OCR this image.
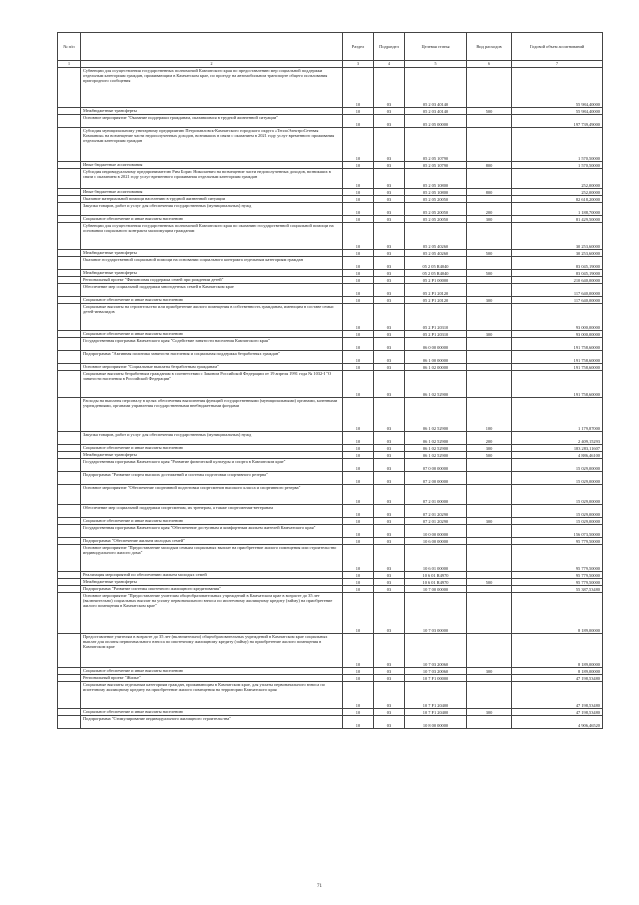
№ п/п		Раздел	Подраздел	Целевая статья	Вид расходов	Годовой объем ассигнований
1	2	3	4	5	6	7
	Субвенции для осуществления государственных полномочий Камчатского края по предоставлению мер социальной поддержки отдельным категориям граждан, проживающим в Камчатском крае, по проезду на автомобильном транспорте общего пользования пригородного сообщения	10	03	05 2 03 40140		55 984,40000
	Межбюджетные трансферты	10	03	05 2 03 40140	500	55 984,40000
	Основное мероприятие "Оказание поддержки гражданам, оказавшимся в трудной жизненной ситуации"	10	03	05 2 05 00000		197 739,49000
	Субсидия муниципальному унитарному предприятию Петропавловск-Камчатского городского округа «ТеплоЭлектроСетевая Компания» на возмещение части недополученных доходов, возникших в связи с оказанием в 2021 году услуг временного проживания отдельным категориям граждан	10	03	05 2 05 10790		1 570,50000
	Иные бюджетные ассигнования	10	03	05 2 05 10790	800	1 570,50000
	Субсидия индивидуальному предпринимателю Рим Борис Николаевич на возмещение части недополученных доходов, возникших в связи с оказанием в 2021 году услуг временного проживания отдельным категориям граждан	10	03	05 2 05 10800		252,00000
	Иные бюджетные ассигнования	10	03	05 2 05 10800	800	252,00000
	Оказание материальной помощи населению в трудной жизненной ситуации	10	03	05 2 05 20050		82 618,20000
	Закупка товаров, работ и услуг для обеспечения государственных (муниципальных) нужд	10	03	05 2 05 20050	200	1 188,70000
	Социальное обеспечение и иные выплаты населению	10	03	05 2 05 20050	300	81 429,50000
	Субвенции для осуществления государственных полномочий Камчатского края по оказанию государственной социальной помощи на основании социального контракта малоимущим гражданам	10	03	05 2 05 40260		30 253,60000
	Межбюджетные трансферты	10	03	05 2 05 40260	500	30 253,60000
	Оказание государственной социальной помощи на основании социального контракта отдельным категориям граждан	10	03	05 2 05 R4040		83 045,19000
	Межбюджетные трансферты	10	03	05 2 05 R4040	500	83 045,19000
	Региональный проект "Финансовая поддержка семей при рождении детей"	10	03	05 2 P1 00000		210 640,00000
	Обеспечение мер социальной поддержки многодетных семей в Камчатском крае	10	03	05 2 P1 20120		117 640,00000
	Социальное обеспечение и иные выплаты населению	10	03	05 2 P1 20120	300	117 640,00000
	Социальные выплаты на строительство или приобретение жилого помещения в собственность гражданам, имеющим в составе семьи детей-инвалидов	10	03	05 2 P1 20310		93 000,00000
	Социальное обеспечение и иные выплаты населению	10	03	05 2 P1 20310	300	93 000,00000
	Государственная программа Камчатского края "Содействие занятости населения Камчатского края"	10	03	06 0 00 00000		191 758,60000
	Подпрограмма "Активная политика занятости населения и социальная поддержка безработных граждан"	10	03	06 1 00 00000		191 758,60000
	Основное мероприятие "Социальные выплаты безработным гражданам"	10	03	06 1 02 00000		191 758,60000
	Социальные выплаты безработным гражданам в соответствии с Законом Российской Федерации от 19 апреля 1991 года № 1032-I "О занятости населения в Российской Федерации"	10	03	06 1 02 52900		191 758,60000
	Расходы на выплаты персоналу в целях обеспечения выполнения функций государственными (муниципальными) органами, казенными учреждениями, органами управления государственными внебюджетными фондами	10	03	06 1 02 52900	100	1 179,87000
	Закупка товаров, работ и услуг для обеспечения государственных (муниципальных) нужд	10	03	06 1 02 52900	200	2 409,15293
	Социальное обеспечение и иные выплаты населению	10	03	06 1 02 52900	300	183 283,11607
	Межбюджетные трансферты	10	03	06 1 02 52900	500	4 886,46100
	Государственная программа Камчатского края "Развитие физической культуры и спорта в Камчатском крае"	10	03	07 0 00 00000		15 029,00000
	Подпрограмма "Развитие спорта высших достижений и системы подготовки спортивного резерва"	10	03	07 2 00 00000		15 029,00000
	Основное мероприятие "Обеспечение спортивной подготовки спортсменов высокого класса и спортивного резерва"	10	03	07 2 01 00000		15 029,00000
	Обеспечение мер социальной поддержки спортсменам, их тренерам, а также спортсменам-ветеранам	10	03	07 2 01 20290		15 029,00000
	Социальное обеспечение и иные выплаты населению	10	03	07 2 01 20290	300	15 029,00000
	Государственная программа Камчатского края "Обеспечение доступным и комфортным жильем жителей Камчатского края"	10	03	10 0 00 00000		156 073,50000
	Подпрограмма "Обеспечение жильем молодых семей"	10	03	10 6 00 00000		95 779,50000
	Основное мероприятие "Предоставление молодым семьям социальных выплат на приобретение жилого помещения или строительство индивидуального жилого дома"	10	03	10 6 01 00000		95 779,50000
	Реализация мероприятий по обеспечению жильем молодых семей	10	03	10 6 01 R4970		95 779,50000
	Межбюджетные трансферты	10	03	10 6 01 R4970	500	95 779,50000
	Подпрограмма "Развитие системы ипотечного жилищного кредитования"	10	03	10 7 00 00000		55 387,53480
	Основное мероприятие "Предоставление учителям общеобразовательных учреждений в Камчатском крае в возрасте до 35 лет (включительно) социальных выплат на уплату первоначального взноса по ипотечному жилищному кредиту (займу) на приобретение жилого помещения в Камчатском крае"	10	03	10 7 03 00000		8 189,00000
	Предоставление учителям в возрасте до 35 лет (включительно) общеобразовательных учреждений в Камчатском крае социальных выплат для оплаты первоначального взноса по ипотечному жилищному кредиту (займу) на приобретение жилого помещения в Камчатском крае	10	03	10 7 03 20060		8 189,00000
	Социальное обеспечение и иные выплаты населению	10	03	10 7 03 20060	300	8 189,00000
	Региональный проект "Жилье"	10	03	10 7 F1 00000		47 198,53480
	Социальные выплаты отдельным категориям граждан, проживающим в Камчатском крае, для уплаты первоначального взноса по ипотечному жилищному кредиту на приобретение жилого помещения на территории Камчатского края	10	03	10 7 F1 20400		47 198,53480
	Социальное обеспечение и иные выплаты населению	10	03	10 7 F1 20400	300	47 198,53480
	Подпрограмма "Стимулирование индивидуального жилищного строительства"	10	03	10 8 00 00000		4 906,46520
71
